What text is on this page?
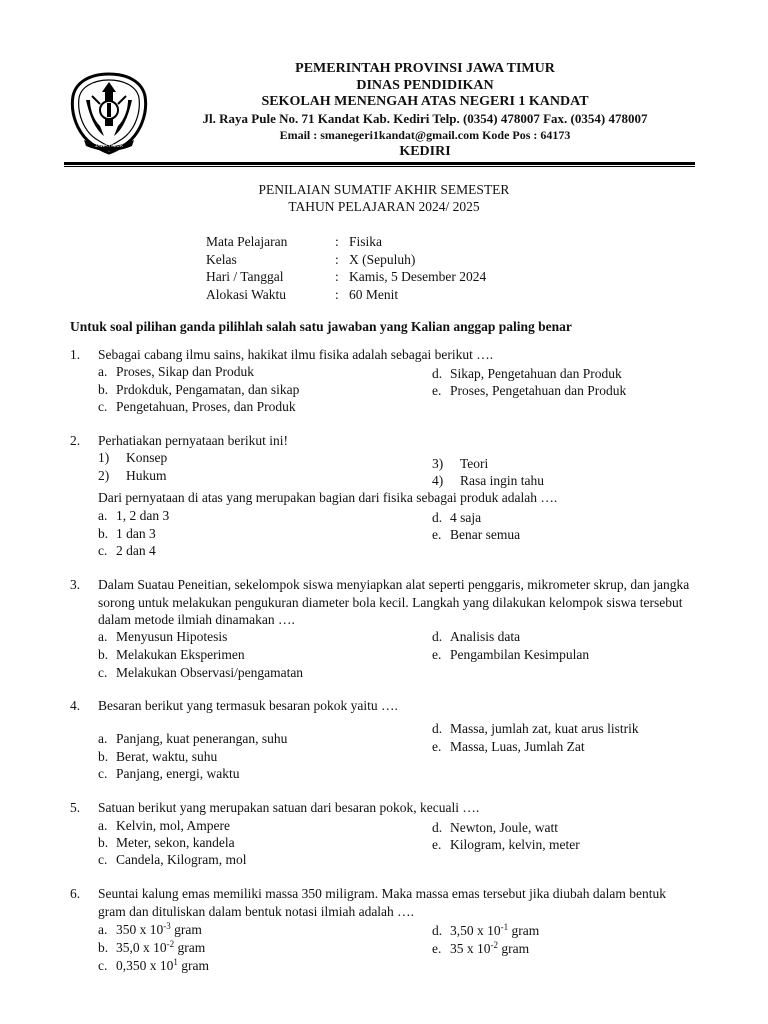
JAWA TIMUR
PEMERINTAH PROVINSI JAWA TIMUR
DINAS PENDIDIKAN
SEKOLAH MENENGAH ATAS NEGERI 1 KANDAT
Jl. Raya Pule No. 71 Kandat Kab. Kediri Telp. (0354) 478007 Fax. (0354) 478007
Email : smanegeri1kandat@gmail.com Kode Pos : 64173
KEDIRI
PENILAIAN SUMATIF AKHIR SEMESTER
TAHUN PELAJARAN 2024/ 2025
Mata Pelajaran	: Fisika
Kelas	: X (Sepuluh)
Hari / Tanggal	: Kamis, 5 Desember 2024
Alokasi Waktu	: 60 Menit
Untuk soal pilihan ganda pilihlah salah satu jawaban yang Kalian anggap paling benar
1. Sebagai cabang ilmu sains, hakikat ilmu fisika adalah sebagai berikut ….
a. Proses, Sikap dan Produk
b. Prdokduk, Pengamatan, dan sikap
c. Pengetahuan, Proses, dan Produk
d. Sikap, Pengetahuan dan Produk
e. Proses, Pengetahuan dan Produk
2. Perhatiakan pernyataan berikut ini!
1) Konsep
2) Hukum
3) Teori
4) Rasa ingin tahu
Dari pernyataan di atas yang merupakan bagian dari fisika sebagai produk adalah ….
a. 1, 2 dan 3
b. 1 dan 3
c. 2 dan 4
d. 4 saja
e. Benar semua
3. Dalam Suatau Peneitian, sekelompok siswa menyiapkan alat seperti penggaris, mikrometer skrup, dan jangka sorong untuk melakukan pengukuran diameter bola kecil. Langkah yang dilakukan kelompok siswa tersebut dalam metode ilmiah dinamakan ….
a. Menyusun Hipotesis
b. Melakukan Eksperimen
c. Melakukan Observasi/pengamatan
d. Analisis data
e. Pengambilan Kesimpulan
4. Besaran berikut yang termasuk besaran pokok yaitu ….
a. Panjang, kuat penerangan, suhu
b. Berat, waktu, suhu
c. Panjang, energi, waktu
d. Massa, jumlah zat, kuat arus listrik
e. Massa, Luas, Jumlah Zat
5. Satuan berikut yang merupakan satuan dari besaran pokok, kecuali ….
a. Kelvin, mol, Ampere
b. Meter, sekon, kandela
c. Candela, Kilogram, mol
d. Newton, Joule, watt
e. Kilogram, kelvin, meter
6. Seuntai kalung emas memiliki massa 350 miligram. Maka massa emas tersebut jika diubah dalam bentuk gram dan dituliskan dalam bentuk notasi ilmiah adalah ….
a. 350 x $10^{-3}$ gram
b. 35,0 x $10^{-2}$ gram
c. 0,350 x $10^1$ gram
d. 3,50 x $10^{-1}$ gram
e. 35 x $10^{-2}$ gram
